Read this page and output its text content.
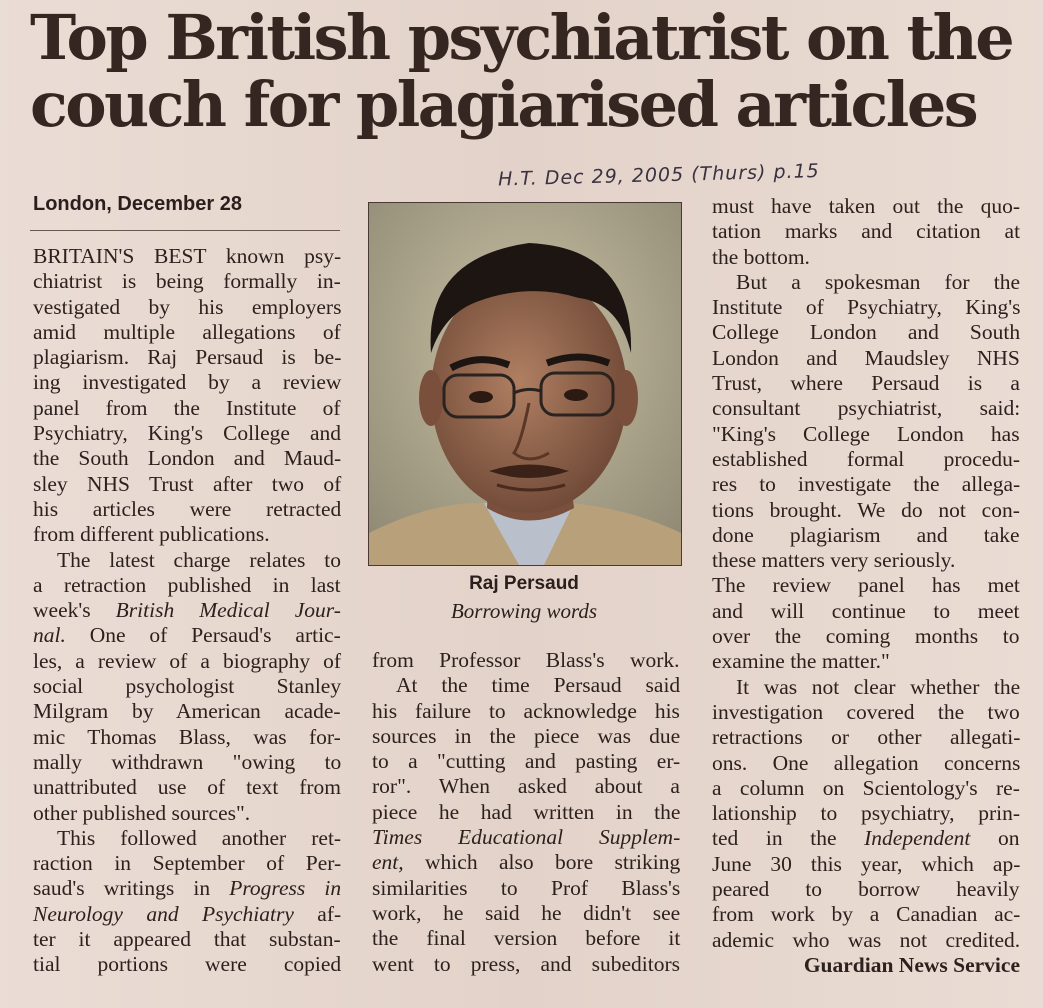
Top British psychiatrist on the
couch for plagiarised articles
H.T. Dec 29, 2005 (Thurs) p.15
London, December 28
BRITAIN'S BEST known psy-
chiatrist is being formally in-
vestigated by his employers
amid multiple allegations of
plagiarism. Raj Persaud is be-
ing investigated by a review
panel from the Institute of
Psychiatry, King's College and
the South London and Maud-
sley NHS Trust after two of
his articles were retracted
from different publications.
The latest charge relates to
a retraction published in last
week's British Medical Jour-
nal. One of Persaud's artic-
les, a review of a biography of
social psychologist Stanley
Milgram by American acade-
mic Thomas Blass, was for-
mally withdrawn "owing to
unattributed use of text from
other published sources".
This followed another ret-
raction in September of Per-
saud's writings in Progress in
Neurology and Psychiatry af-
ter it appeared that substan-
tial portions were copied
Raj Persaud
Borrowing words
from Professor Blass's work.
At the time Persaud said
his failure to acknowledge his
sources in the piece was due
to a "cutting and pasting er-
ror". When asked about a
piece he had written in the
Times Educational Supplem-
ent, which also bore striking
similarities to Prof Blass's
work, he said he didn't see
the final version before it
went to press, and subeditors
must have taken out the quo-
tation marks and citation at
the bottom.
But a spokesman for the
Institute of Psychiatry, King's
College London and South
London and Maudsley NHS
Trust, where Persaud is a
consultant psychiatrist, said:
"King's College London has
established formal procedu-
res to investigate the allega-
tions brought. We do not con-
done plagiarism and take
these matters very seriously.
The review panel has met
and will continue to meet
over the coming months to
examine the matter."
It was not clear whether the
investigation covered the two
retractions or other allegati-
ons. One allegation concerns
a column on Scientology's re-
lationship to psychiatry, prin-
ted in the Independent on
June 30 this year, which ap-
peared to borrow heavily
from work by a Canadian ac-
ademic who was not credited.
Guardian News Service
